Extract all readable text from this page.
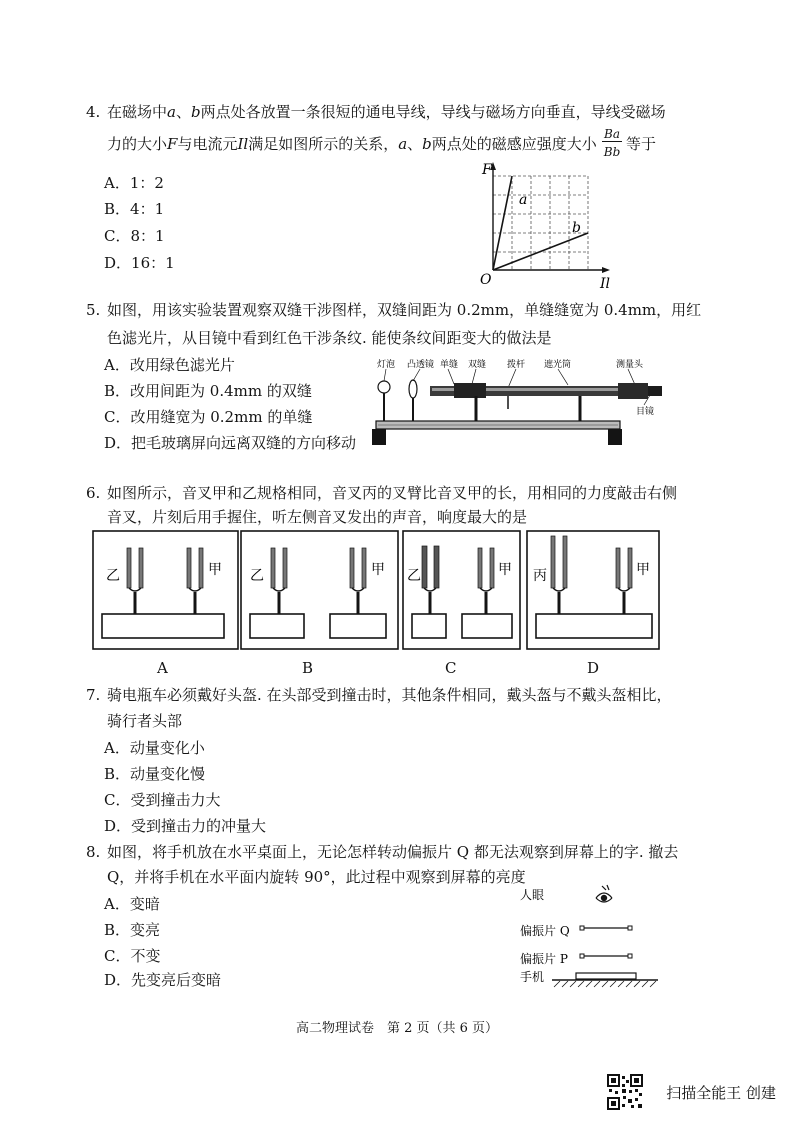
4. 在磁场中a、b两点处各放置一条很短的通电导线，导线与磁场方向垂直，导线受磁场
力的大小F与电流元Il满足如图所示的关系，a、b两点处的磁感应强度大小
Ba
Bb 等于
A．1：2
B．4：1
C．8：1
D．16：1
F
Il
O
a
b
5. 如图，用该实验装置观察双缝干涉图样，双缝间距为 0.2mm，单缝缝宽为 0.4mm，用红
色滤光片，从目镜中看到红色干涉条纹. 能使条纹间距变大的做法是
A．改用绿色滤光片
B．改用间距为 0.4mm 的双缝
C．改用缝宽为 0.2mm 的单缝
D．把毛玻璃屏向远离双缝的方向移动
灯泡 凸透镜 单缝 双缝 拨杆 遮光筒	测量头
目镜
6. 如图所示，音叉甲和乙规格相同，音叉丙的叉臂比音叉甲的长，用相同的力度敲击右侧
音叉，片刻后用手握住，听左侧音叉发出的声音，响度最大的是
乙	甲 乙	甲 乙	甲 丙	甲
A	B	C	D
7. 骑电瓶车必须戴好头盔. 在头部受到撞击时，其他条件相同，戴头盔与不戴头盔相比，
骑行者头部
A．动量变化小
B．动量变化慢
C．受到撞击力大
D．受到撞击力的冲量大
8. 如图，将手机放在水平桌面上，无论怎样转动偏振片 Q 都无法观察到屏幕上的字. 撤去
Q，并将手机在水平面内旋转 90°，此过程中观察到屏幕的亮度
A．变暗
B．变亮
C．不变
D．先变亮后变暗
人眼
偏振片 Q
偏振片 P
手机
高二物理试卷　第 2 页（共 6 页）
扫描全能王 创建
